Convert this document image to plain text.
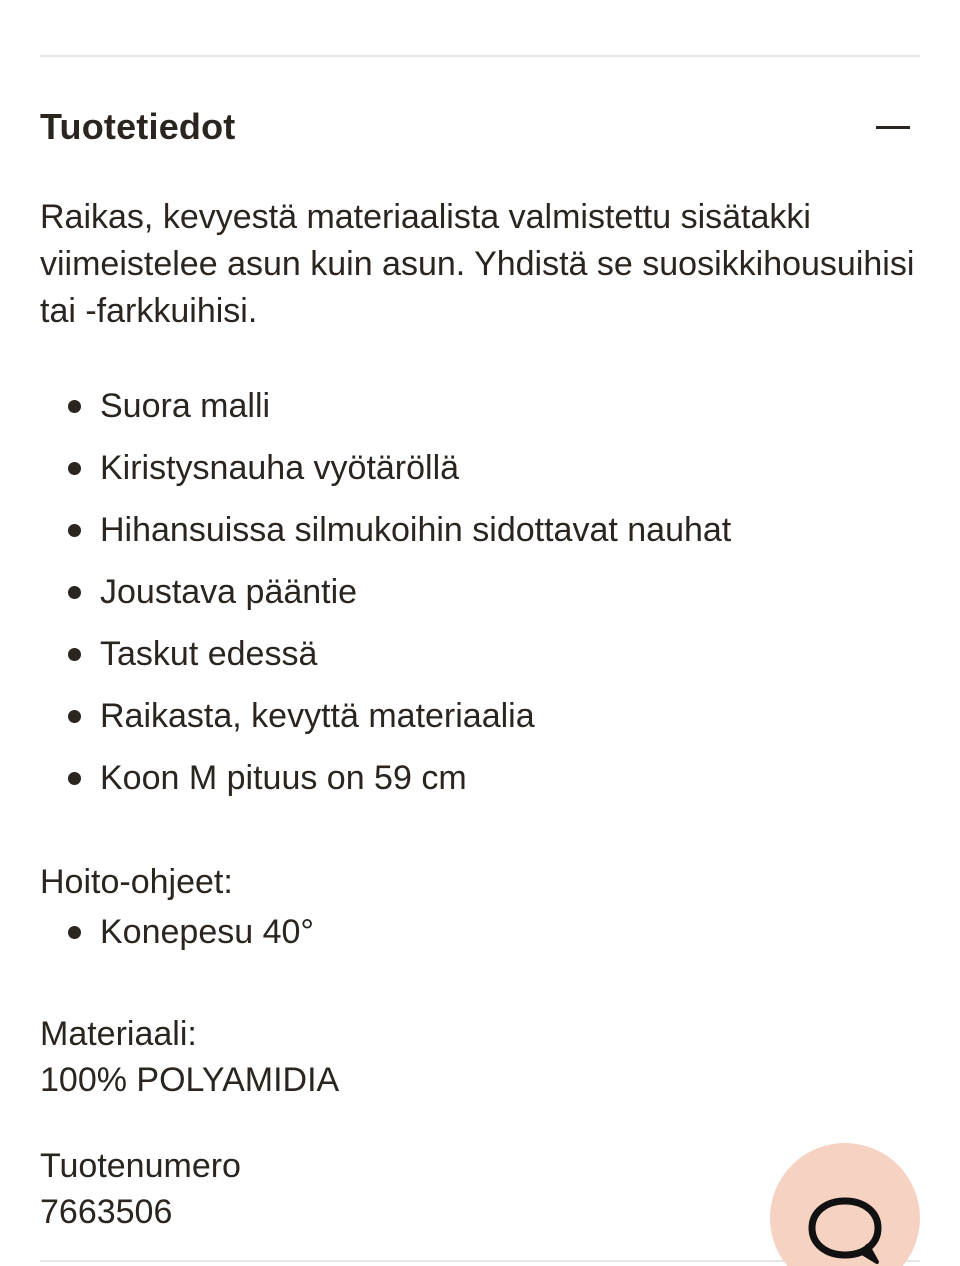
Tuotetiedot

Raikas, kevyestä materiaalista valmistettu sisätakki viimeistelee asun kuin asun. Yhdistä se suosikkihousuihisi tai -farkkuihisi.

Suora malli
Kiristysnauha vyötäröllä
Hihansuissa silmukoihin sidottavat nauhat
Joustava pääntie
Taskut edessä
Raikasta, kevyttä materiaalia
Koon M pituus on 59 cm
Hoito-ohjeet:
Konepesu 40°
Materiaali:
100% POLYAMIDIA
Tuotenumero
7663506
